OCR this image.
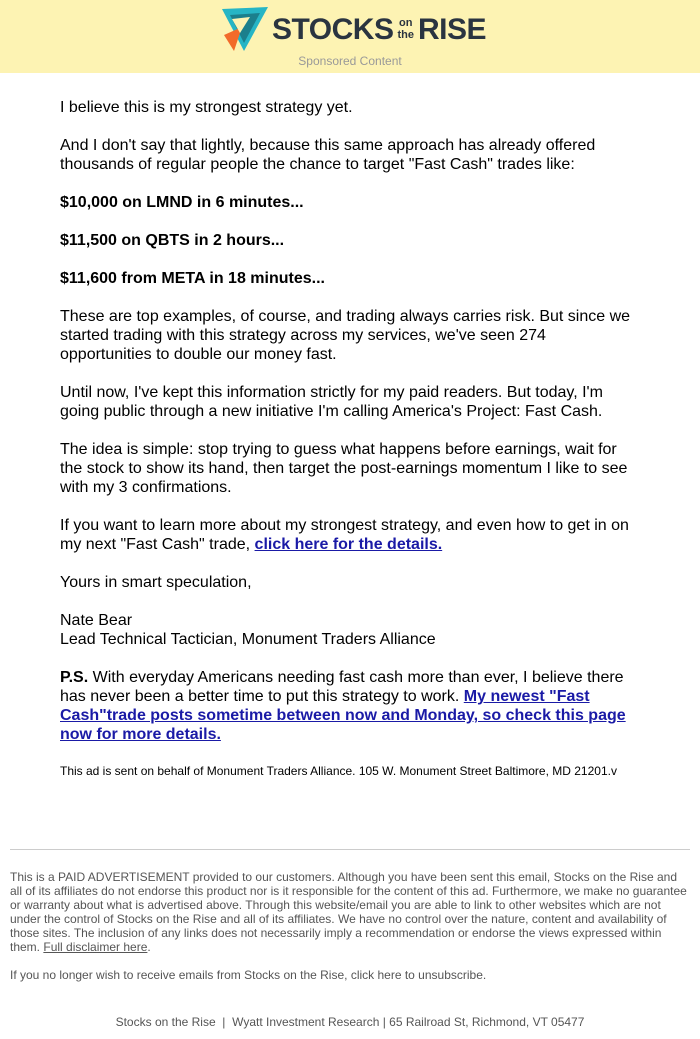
STOCKS on
the RISE
Sponsored Content

I believe this is my strongest strategy yet.

And I don't say that lightly, because this same approach has already offered thousands of regular people the chance to target "Fast Cash" trades like:

$10,000 on LMND in 6 minutes...

$11,500 on QBTS in 2 hours...

$11,600 from META in 18 minutes...

These are top examples, of course, and trading always carries risk. But since we started trading with this strategy across my services, we've seen 274 opportunities to double our money fast.

Until now, I've kept this information strictly for my paid readers. But today, I'm going public through a new initiative I'm calling America's Project: Fast Cash.

The idea is simple: stop trying to guess what happens before earnings, wait for the stock to show its hand, then target the post-earnings momentum I like to see with my 3 confirmations.

If you want to learn more about my strongest strategy, and even how to get in on my next "Fast Cash" trade, click here for the details.

Yours in smart speculation,

Nate Bear

Lead Technical Tactician, Monument Traders Alliance

P.S. With everyday Americans needing fast cash more than ever, I believe there has never been a better time to put this strategy to work. My newest "Fast Cash"trade posts sometime between now and Monday, so check this page now for more details.

This ad is sent on behalf of Monument Traders Alliance. 105 W. Monument Street Baltimore, MD 21201.v

This is a PAID ADVERTISEMENT provided to our customers. Although you have been sent this email, Stocks on the Rise and all of its affiliates do not endorse this product nor is it responsible for the content of this ad. Furthermore, we make no guarantee or warranty about what is advertised above. Through this website/email you are able to link to other websites which are not under the control of Stocks on the Rise and all of its affiliates. We have no control over the nature, content and availability of those sites. The inclusion of any links does not necessarily imply a recommendation or endorse the views expressed within them. Full disclaimer here.

If you no longer wish to receive emails from Stocks on the Rise, click here to unsubscribe.

Stocks on the Rise  |  Wyatt Investment Research | 65 Railroad St, Richmond, VT 05477
